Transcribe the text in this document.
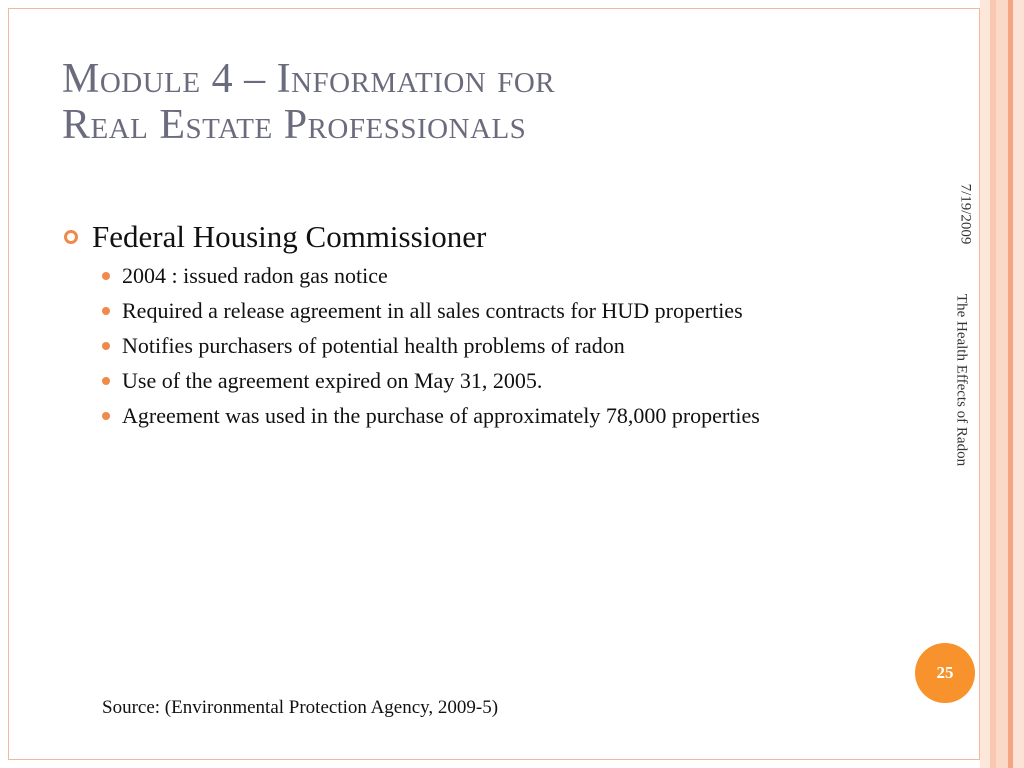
Module 4 – Information for
Real Estate Professionals
Federal Housing Commissioner
2004 : issued radon gas notice
Required a release agreement in all sales contracts for HUD properties
Notifies purchasers of potential health problems of radon
Use of the agreement expired on May 31, 2005.
Agreement was used in the purchase of approximately 78,000 properties
7/19/2009
The Health Effects of Radon
25
Source: (Environmental Protection Agency, 2009-5)
